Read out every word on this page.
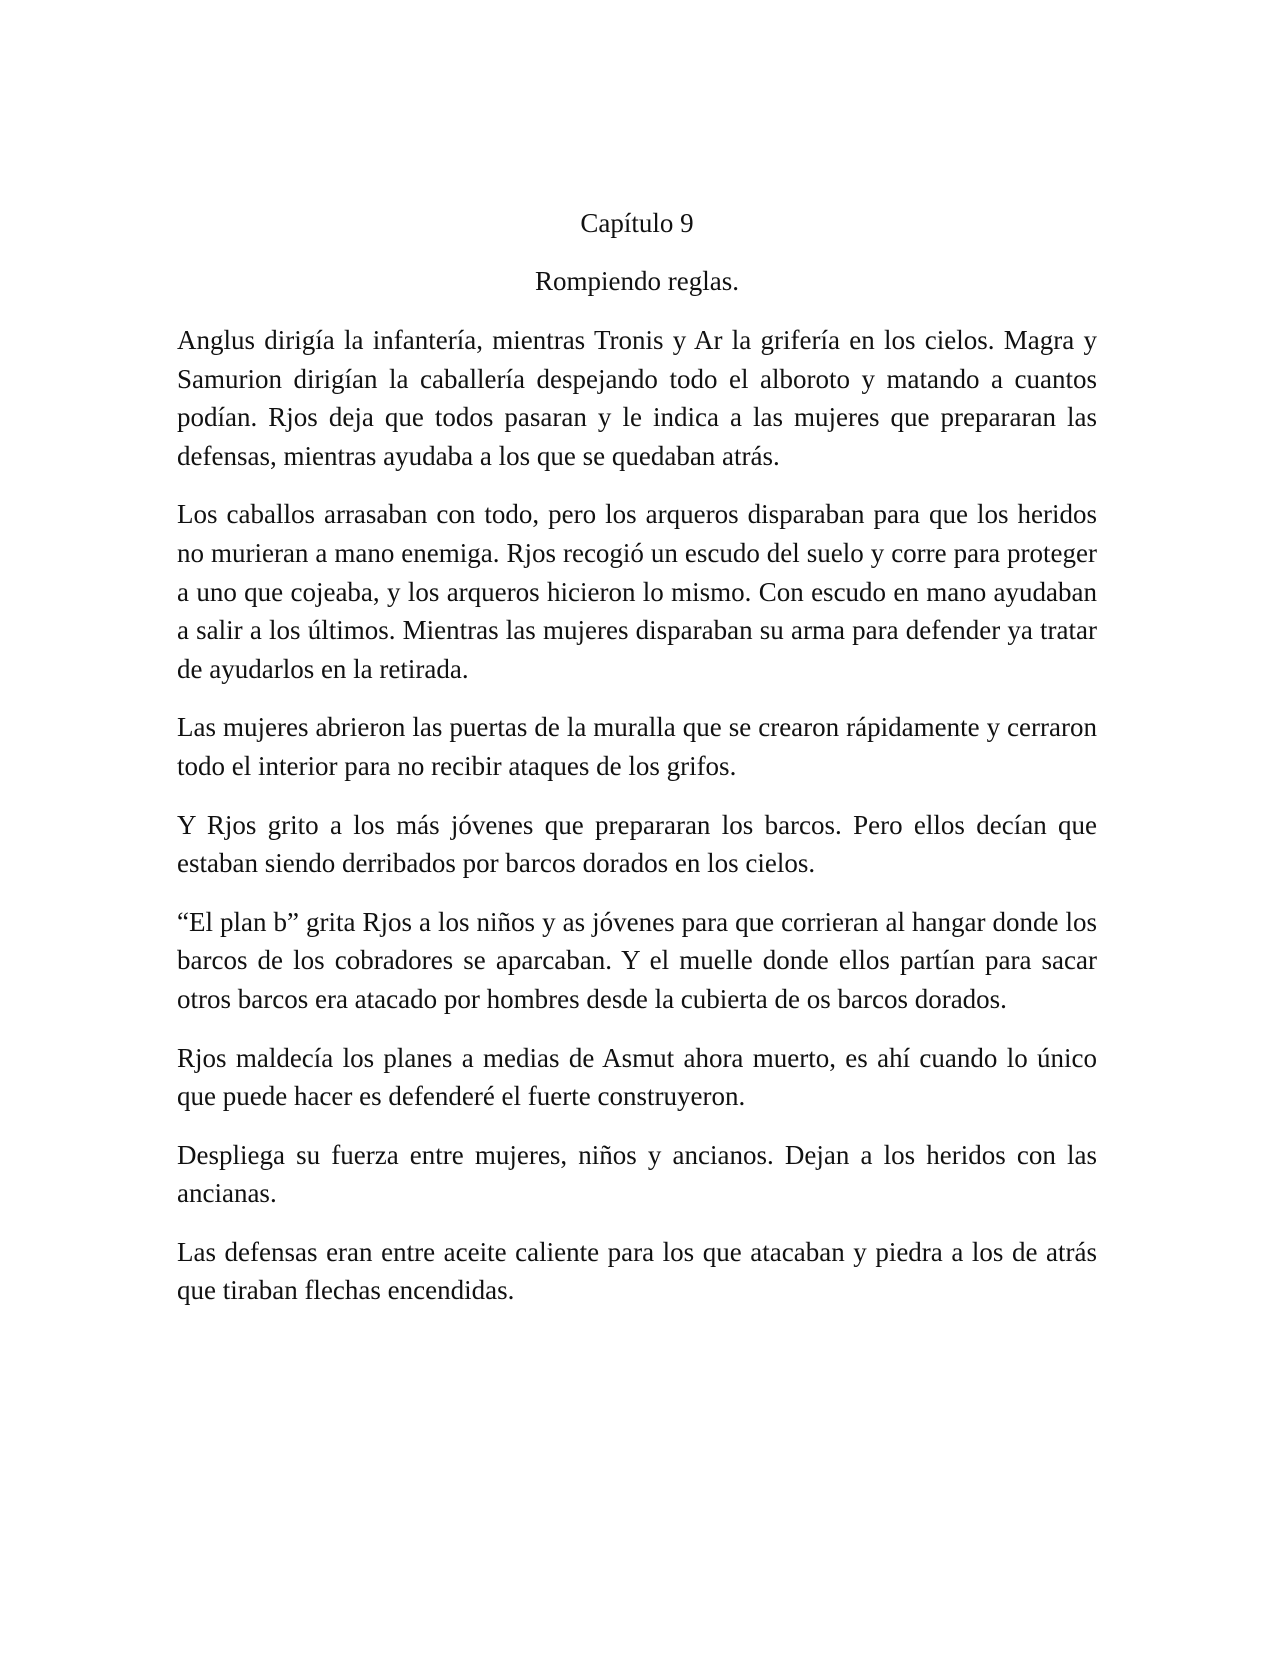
Capítulo 9
Rompiendo reglas.

Anglus dirigía la infantería, mientras Tronis y Ar la grifería en los cielos. Magra y Samurion dirigían la caballería despejando todo el alboroto y matando a cuantos podían. Rjos deja que todos pasaran y le indica a las mujeres que prepararan las defensas, mientras ayudaba a los que se quedaban atrás.

Los caballos arrasaban con todo, pero los arqueros disparaban para que los heridos no murieran a mano enemiga. Rjos recogió un escudo del suelo y corre para proteger a uno que cojeaba, y los arqueros hicieron lo mismo. Con escudo en mano ayudaban a salir a los últimos. Mientras las mujeres disparaban su arma para defender ya tratar de ayudarlos en la retirada.

Las mujeres abrieron las puertas de la muralla que se crearon rápidamente y cerraron todo el interior para no recibir ataques de los grifos.

Y Rjos grito a los más jóvenes que prepararan los barcos. Pero ellos decían que estaban siendo derribados por barcos dorados en los cielos.

“El plan b” grita Rjos a los niños y as jóvenes para que corrieran al hangar donde los barcos de los cobradores se aparcaban. Y el muelle donde ellos partían para sacar otros barcos era atacado por hombres desde la cubierta de os barcos dorados.

Rjos maldecía los planes a medias de Asmut ahora muerto, es ahí cuando lo único que puede hacer es defenderé el fuerte construyeron.

Despliega su fuerza entre mujeres, niños y ancianos. Dejan a los heridos con las ancianas.

Las defensas eran entre aceite caliente para los que atacaban y piedra a los de atrás que tiraban flechas encendidas.
